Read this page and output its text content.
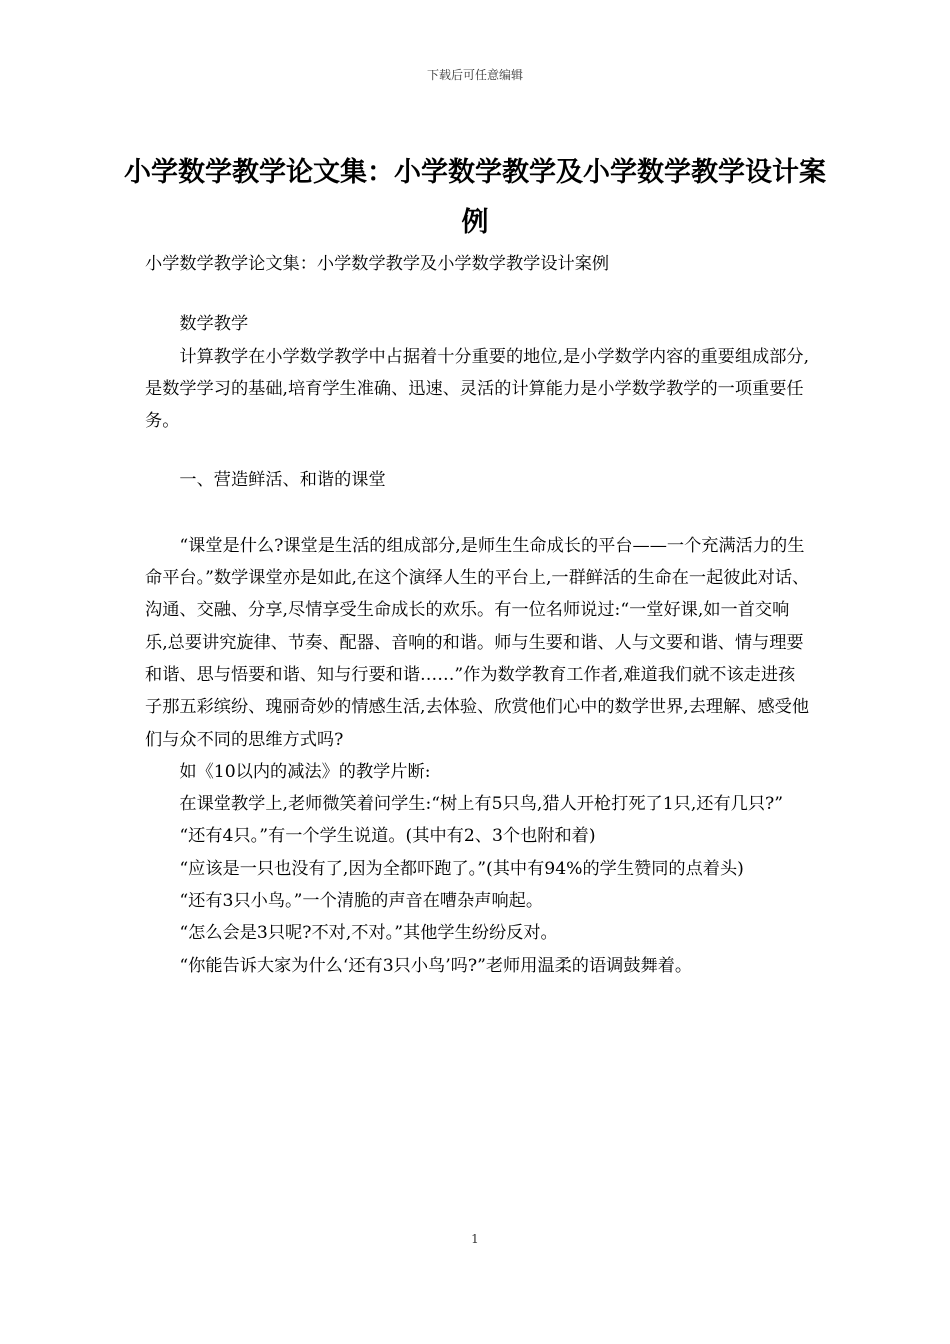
下载后可任意编辑
小学数学教学论文集：小学数学教学及小学数学教学设计案例

小学数学教学论文集：小学数学教学及小学数学教学设计案例

数学教学

计算教学在小学数学教学中占据着十分重要的地位,是小学数学内容的重要组成部分,是数学学习的基础,培育学生准确、迅速、灵活的计算能力是小学数学教学的一项重要任务。

一、营造鲜活、和谐的课堂

“课堂是什么?课堂是生活的组成部分,是师生生命成长的平台——一个充满活力的生命平台。”数学课堂亦是如此,在这个演绎人生的平台上,一群鲜活的生命在一起彼此对话、沟通、交融、分享,尽情享受生命成长的欢乐。有一位名师说过:“一堂好课,如一首交响乐,总要讲究旋律、节奏、配器、音响的和谐。师与生要和谐、人与文要和谐、情与理要和谐、思与悟要和谐、知与行要和谐……”作为数学教育工作者,难道我们就不该走进孩子那五彩缤纷、瑰丽奇妙的情感生活,去体验、欣赏他们心中的数学世界,去理解、感受他们与众不同的思维方式吗?

如《10以内的减法》的教学片断:

在课堂教学上,老师微笑着问学生:“树上有5只鸟,猎人开枪打死了1只,还有几只?”

“还有4只。”有一个学生说道。(其中有2、3个也附和着)

“应该是一只也没有了,因为全都吓跑了。”(其中有94%的学生赞同的点着头)

“还有3只小鸟。”一个清脆的声音在嘈杂声响起。

“怎么会是3只呢?不对,不对。”其他学生纷纷反对。

“你能告诉大家为什么‘还有3只小鸟’吗?”老师用温柔的语调鼓舞着。

1
